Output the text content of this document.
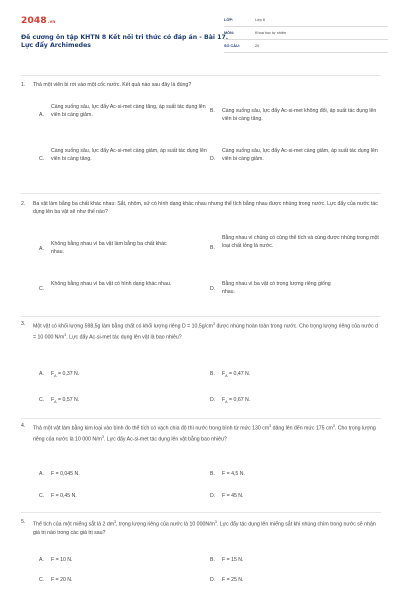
2048.vn
Đề cương ôn tập KHTN 8 Kết nối tri thức có đáp án - Bài 17. Lực đẩy Archimedes
LỚP:	Lớp 8
MÔN:	Khoa học tự nhiên
SỐ CÂU:	20
1. Thả một viên bi rơi vào một cốc nước. Kết quả nào sau đây là đúng?
A.
Càng xuống sâu, lực đẩy Ac-si-met càng tăng, áp suất tác dụng lên viên bi càng giảm.
B. Càng xuống sâu, lực đẩy Ac-si-met không đổi, áp suất tác dụng lên viên bi càng tăng.
C.
Càng xuống sâu, lực đẩy Ac-si-met càng giảm, áp suất tác dụng lên viên bi càng tăng.	D.
Càng xuống sâu, lực đẩy Ac-si-met càng giảm, áp suất tác dụng lên viên bi càng giảm.
2. Ba vật làm bằng ba chất khác nhau: Sắt, nhôm, sứ có hình dạng khác nhau nhưng thể tích bằng nhau được nhúng trong nước. Lực đẩy của nước tác dụng lên ba vật sẽ như thế nào?
A.
Không bằng nhau vì ba vật làm bằng ba chất khác nhau.
B.
Bằng nhau vì chúng có cùng thể tích và cùng được nhúng trong một loại chất lỏng là nước.
C.
Không bằng nhau vì ba vật có hình dạng khác nhau.
D.
Bằng nhau vì ba vật có trọng lượng riêng giống nhau.
3. Một vật có khối lượng 598,5g làm bằng chất có khối lượng riêng $D = 10,5g/cm^3$ được nhúng hoàn toàn trong nước. Cho trọng lượng riêng của nước d = 10 000 $N/m^3$. Lực đẩy Ac-si-met tác dụng lên vật là bao nhiêu?
A. $F_A = 0,37$ N.	B. $F_A = 0,47$ N.
C. $F_A = 0,57$ N.	D. $F_A = 0,67$ N.
4. Thả một vật làm bằng kim loại vào bình đo thể tích có vạch chia độ thì nước trong bình từ mức 130 $cm^3$ dâng lên đến mức 175 $cm^3$. Cho trọng lượng riêng của nước là 10 000 $N/m^3$. Lực đẩy Ac-si-met tác dụng lên vật bằng bao nhiêu?
A. F = 0,045 N.	B. F = 4,5 N.
C. F = 0,45 N.	D. F = 45 N.
5. Thể tích của một miếng sắt là 2 $dm^3$, trọng lượng riêng của nước là 10 $000N/m^3$. Lực đẩy tác dụng lên miếng sắt khi nhúng chìm trong nước sẽ nhận giá trị nào trong các giá trị sau?
A. F = 10 N.	B. F = 15 N.
C. F = 20 N.	D. F = 25 N.
